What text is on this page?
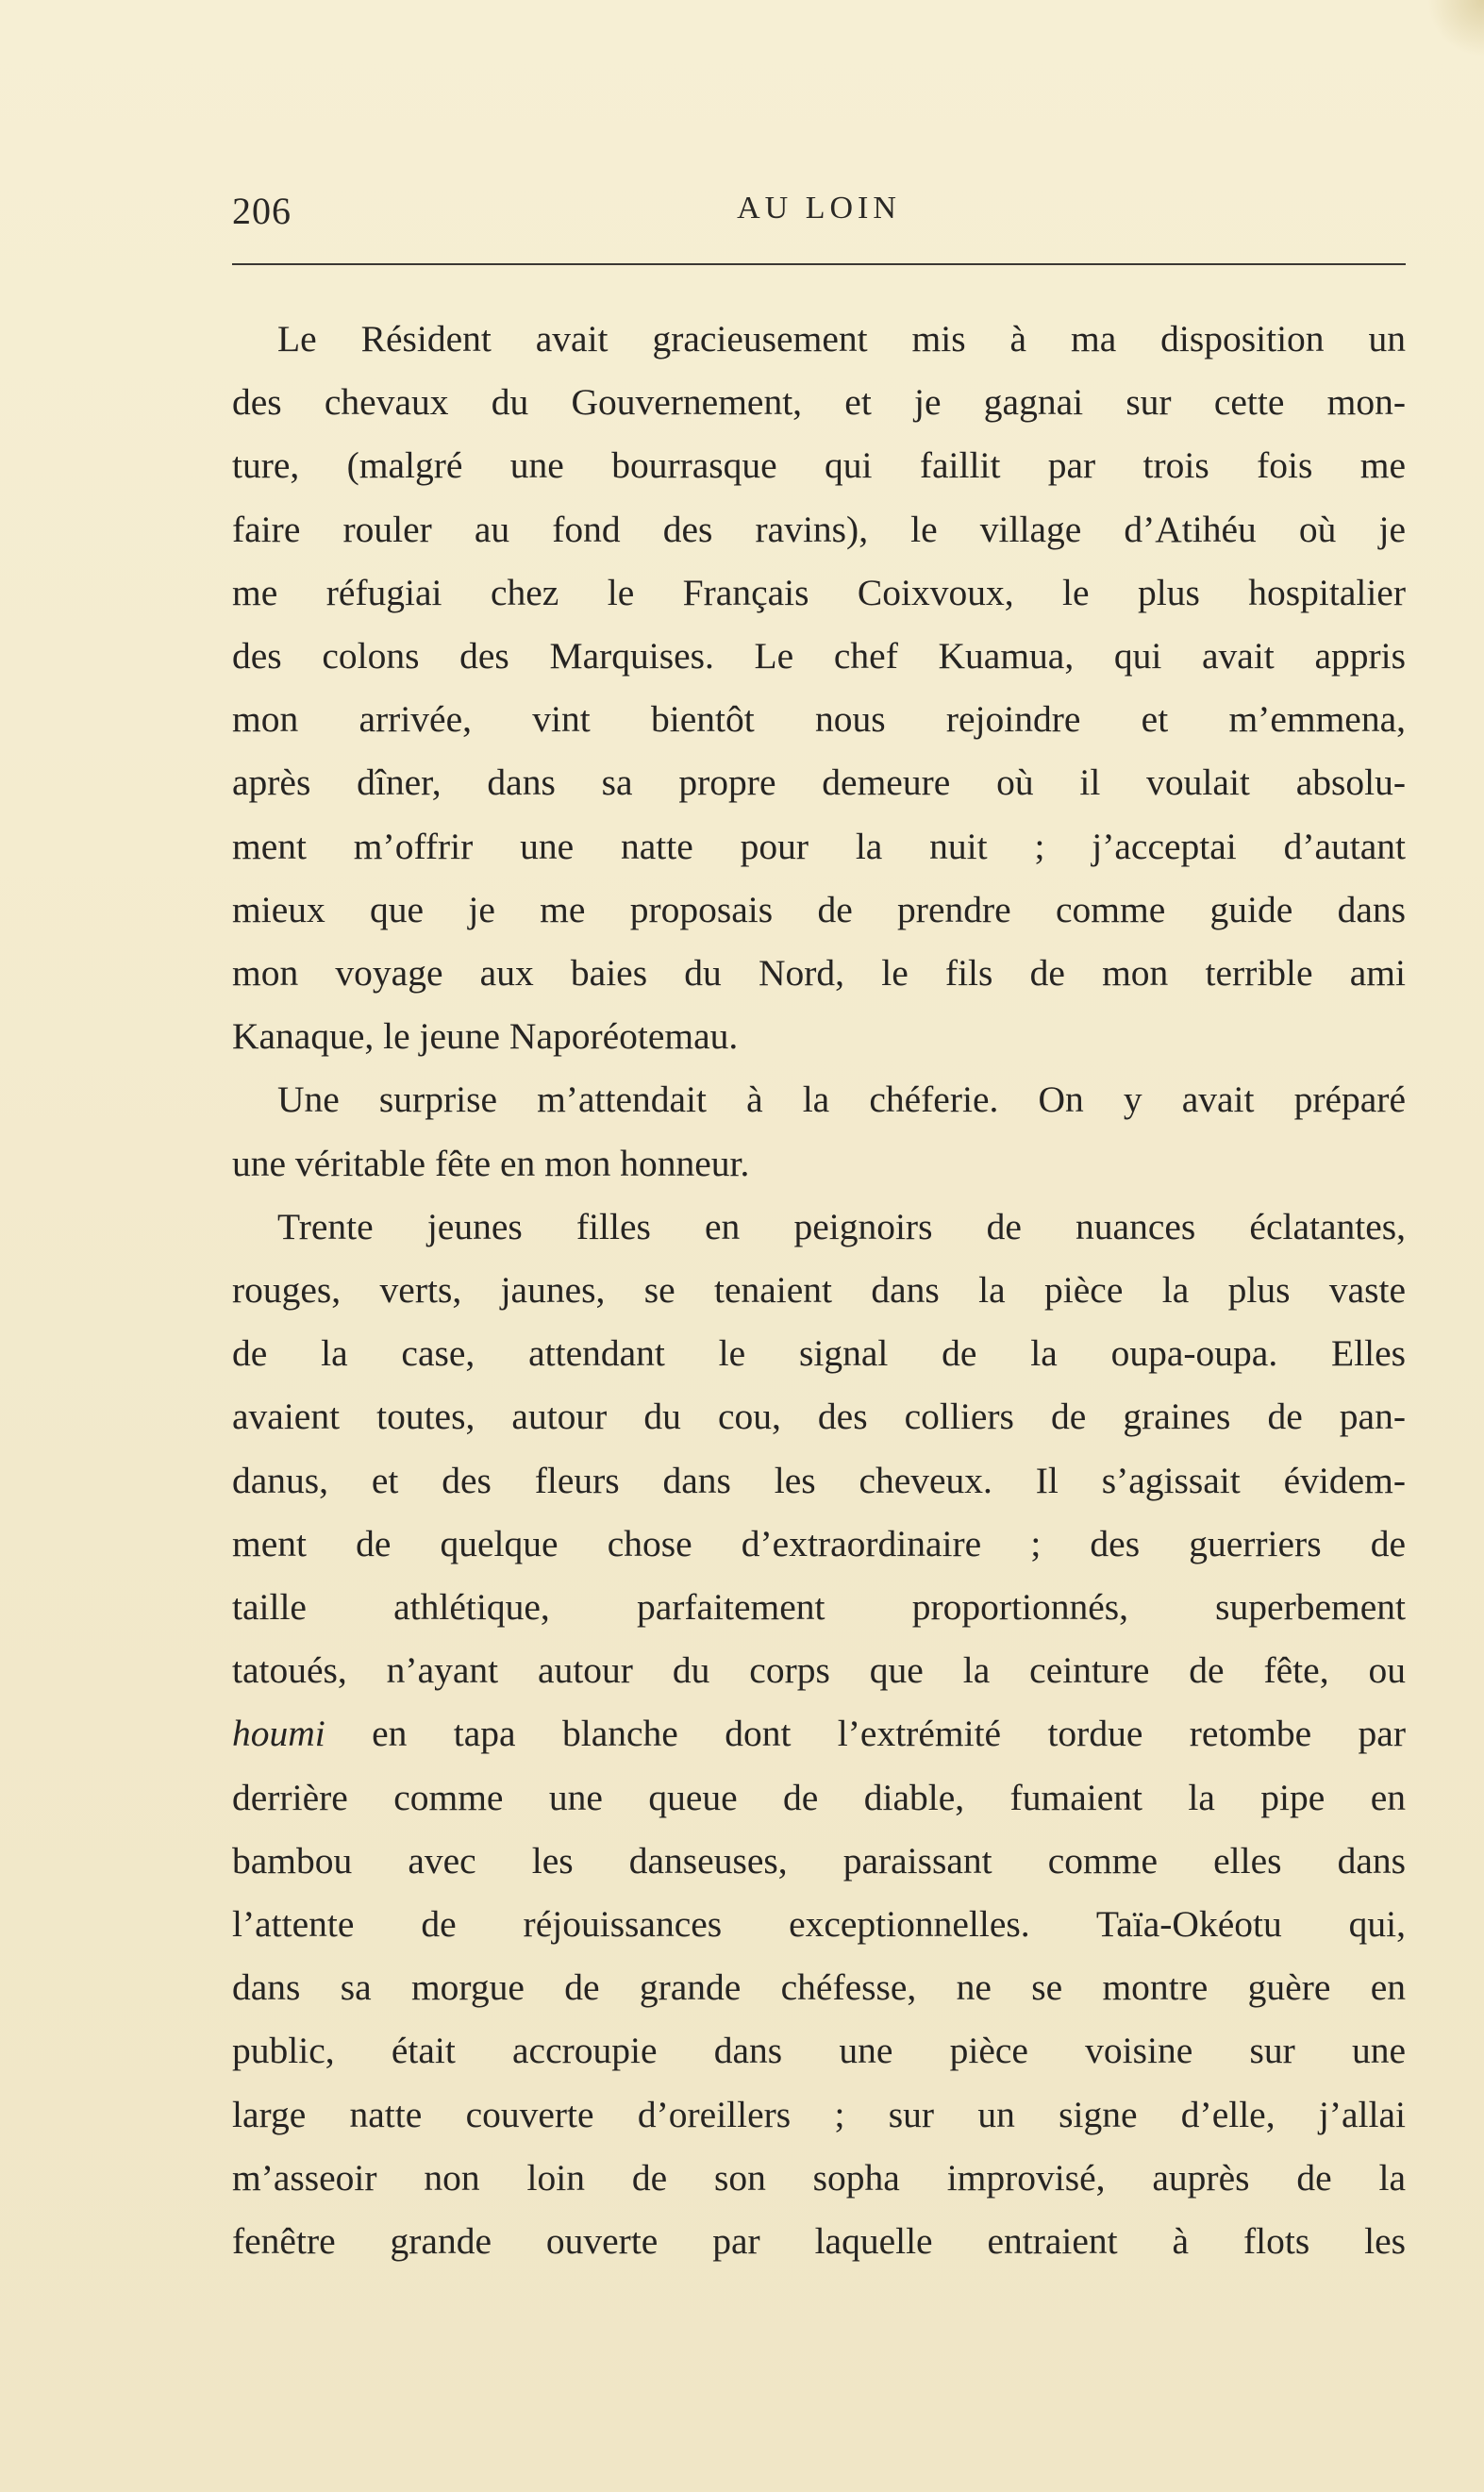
206	AU LOIN
Le Résident avait gracieusement mis à ma disposition un
des chevaux du Gouvernement, et je gagnai sur cette mon-
ture, (malgré une bourrasque qui faillit par trois fois me
faire rouler au fond des ravins), le village d’Atihéu où je
me réfugiai chez le Français Coixvoux, le plus hospitalier
des colons des Marquises. Le chef Kuamua, qui avait appris
mon arrivée, vint bientôt nous rejoindre et m’emmena,
après dîner, dans sa propre demeure où il voulait absolu-
ment m’offrir une natte pour la nuit ; j’acceptai d’autant
mieux que je me proposais de prendre comme guide dans
mon voyage aux baies du Nord, le fils de mon terrible ami
Kanaque, le jeune Naporéotemau.
Une surprise m’attendait à la chéferie. On y avait préparé
une véritable fête en mon honneur.
Trente jeunes filles en peignoirs de nuances éclatantes,
rouges, verts, jaunes, se tenaient dans la pièce la plus vaste
de la case, attendant le signal de la oupa-oupa. Elles
avaient toutes, autour du cou, des colliers de graines de pan-
danus, et des fleurs dans les cheveux. Il s’agissait évidem-
ment de quelque chose d’extraordinaire ; des guerriers de
taille athlétique, parfaitement proportionnés, superbement
tatoués, n’ayant autour du corps que la ceinture de fête, ou
houmi en tapa blanche dont l’extrémité tordue retombe par
derrière comme une queue de diable, fumaient la pipe en
bambou avec les danseuses, paraissant comme elles dans
l’attente de réjouissances exceptionnelles. Taïa-Okéotu qui,
dans sa morgue de grande chéfesse, ne se montre guère en
public, était accroupie dans une pièce voisine sur une
large natte couverte d’oreillers ; sur un signe d’elle, j’allai
m’asseoir non loin de son sopha improvisé, auprès de la
fenêtre grande ouverte par laquelle entraient à flots les
